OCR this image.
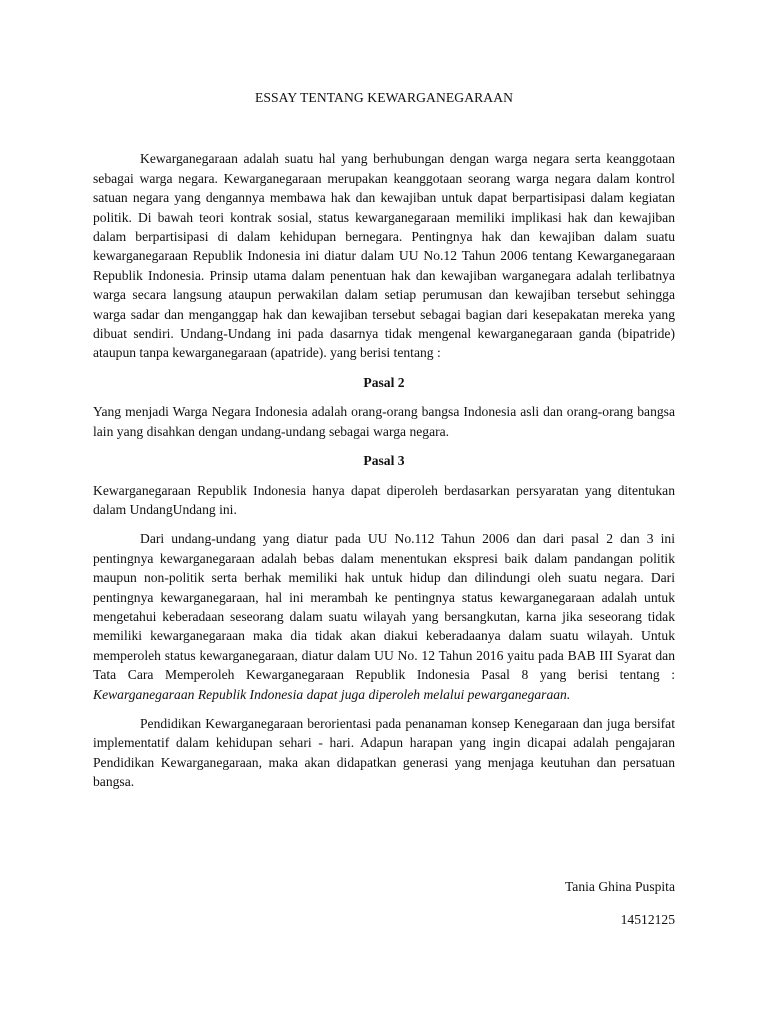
ESSAY TENTANG KEWARGANEGARAAN

Kewarganegaraan adalah suatu hal yang berhubungan dengan warga negara serta keanggotaan sebagai warga negara. Kewarganegaraan merupakan keanggotaan seorang warga negara dalam kontrol satuan negara yang dengannya membawa hak dan kewajiban untuk dapat berpartisipasi dalam kegiatan politik. Di bawah teori kontrak sosial, status kewarganegaraan memiliki implikasi hak dan kewajiban dalam berpartisipasi di dalam kehidupan bernegara. Pentingnya hak dan kewajiban dalam suatu kewarganegaraan Republik Indonesia ini diatur dalam UU No.12 Tahun 2006 tentang Kewarganegaraan Republik Indonesia. Prinsip utama dalam penentuan hak dan kewajiban warganegara adalah terlibatnya warga secara langsung ataupun perwakilan dalam setiap perumusan dan kewajiban tersebut sehingga warga sadar dan menganggap hak dan kewajiban tersebut sebagai bagian dari kesepakatan mereka yang dibuat sendiri. Undang-Undang ini pada dasarnya tidak mengenal kewarganegaraan ganda (bipatride) ataupun tanpa kewarganegaraan (apatride). yang berisi tentang :

Pasal 2

Yang menjadi Warga Negara Indonesia adalah orang-orang bangsa Indonesia asli dan orang-orang bangsa lain yang disahkan dengan undang-undang sebagai warga negara.

Pasal 3

Kewarganegaraan Republik Indonesia hanya dapat diperoleh berdasarkan persyaratan yang ditentukan dalam UndangUndang ini.

Dari undang-undang yang diatur pada UU No.112 Tahun 2006 dan dari pasal 2 dan 3 ini pentingnya kewarganegaraan adalah bebas dalam menentukan ekspresi baik dalam pandangan politik maupun non-politik serta berhak memiliki hak untuk hidup dan dilindungi oleh suatu negara. Dari pentingnya kewarganegaraan, hal ini merambah ke pentingnya status kewarganegaraan adalah untuk mengetahui keberadaan seseorang dalam suatu wilayah yang bersangkutan, karna jika seseorang tidak memiliki kewarganegaraan maka dia tidak akan diakui keberadaanya dalam suatu wilayah. Untuk memperoleh status kewarganegaraan, diatur dalam UU No. 12 Tahun 2016 yaitu pada BAB III Syarat dan Tata Cara Memperoleh Kewarganegaraan Republik Indonesia Pasal 8 yang berisi tentang : Kewarganegaraan Republik Indonesia dapat juga diperoleh melalui pewarganegaraan.

Pendidikan Kewarganegaraan berorientasi pada penanaman konsep Kenegaraan dan juga bersifat implementatif dalam kehidupan sehari - hari. Adapun harapan yang ingin dicapai adalah pengajaran Pendidikan Kewarganegaraan, maka akan didapatkan generasi yang menjaga keutuhan dan persatuan bangsa.

Tania Ghina Puspita
14512125
